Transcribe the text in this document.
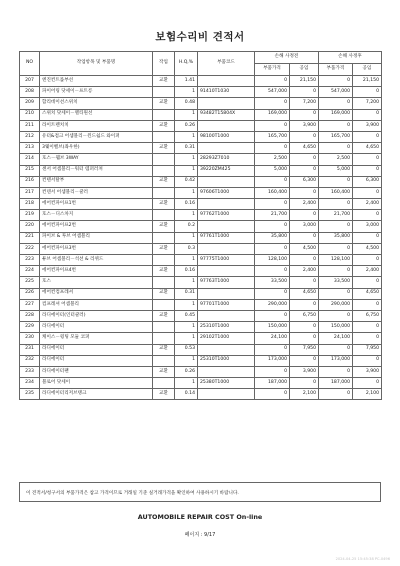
보험수리비 견적서
NO	작업항목 및 부품명	작업	H.Q,%	부품코드	손해 사정전		손해 사정후	
					부품가격	공임	부품가격	공임
207	엔진컨트롤부선	교환	1.41		0	21,150	0	21,150
208	파이어링 닷세이－프트릉		1	91410T1030	547,000	0	547,000	0
209	합리데이션스위치	교환	0.48		0	7,200	0	7,200
210	스위치 닷세이－렐티원선		1	93482T15804X	169,000	0	169,000	0
211	라이트렌치치	교환	0.26		0	3,900	0	3,900
212	유터&점크 어셈블리－윈드쉴드 와이퍼		1	98100T1000	165,700	0	165,700	0
213	3웨이벨브(좌우한)	교환	0.31		0	4,650	0	4,650
214	호스－웰브 3WAY		1	28293Z7010	2,500	0	2,500	0
215	센서 어셈블리－워터 템퍼러쳐		1	39220ZM425	5,000	0	5,000	0
216	컨텐서탈부	교환	0.42		0	6,300	0	6,300
217	컨덴서 어셈블리－쿨러		1	97606T1000	160,400	0	160,400	0
218	에어컨파이프1번	교환	0.16		0	2,400	0	2,400
219	호스－디스차지		1	97762T1000	21,700	0	21,700	0
220	에어컨파이프2번	교환	0.2		0	3,000	0	3,000
221	파이브 & 투브 어셈블리		1	97761T1000	35,800	0	35,800	0
222	에어컨파이프3번	교환	0.3		0	4,500	0	4,500
223	튜브 어셈블리－석션 & 리퀴드		1	97775T1000	128,100	0	128,100	0
224	에어컨파이프4번	교환	0.16		0	2,400	0	2,400
225	호스		1	97763T1000	33,500	0	33,500	0
226	에어컨컴프레셔	교환	0.31		0	4,650	0	4,650
227	컴프레셔 어셈블리		1	97701T1000	290,000	0	290,000	0
228	라디에이터(인터쿨러)	교환	0.45		0	6,750	0	6,750
229	라디에이터		1	25310T1000	150,000	0	150,000	0
230	케이스－윙팅 모듈 코퍼		1	29102T1000	24,100	0	24,100	0
231	라디에이터	교환	0.53		0	7,950	0	7,950
232	라디에이터		1	25310T1000	173,000	0	173,000	0
233	라디에이터팬	교환	0.26		0	3,900	0	3,900
234	블로어 닷세이		1	25380T1000	187,000	0	187,000	0
235	라디에이터리저브탱크	교환	0.14		0	2,100	0	2,100
이 견적서/청구서의 부품가격은 참고 가격이므로 거래일 기준 실거래가격을 확인하여 사용하시기 바랍니다.
AUTOMOBILE REPAIR COST On-line
페이지 : 9/17
2024-04-25 15:45:38 PC-0496
